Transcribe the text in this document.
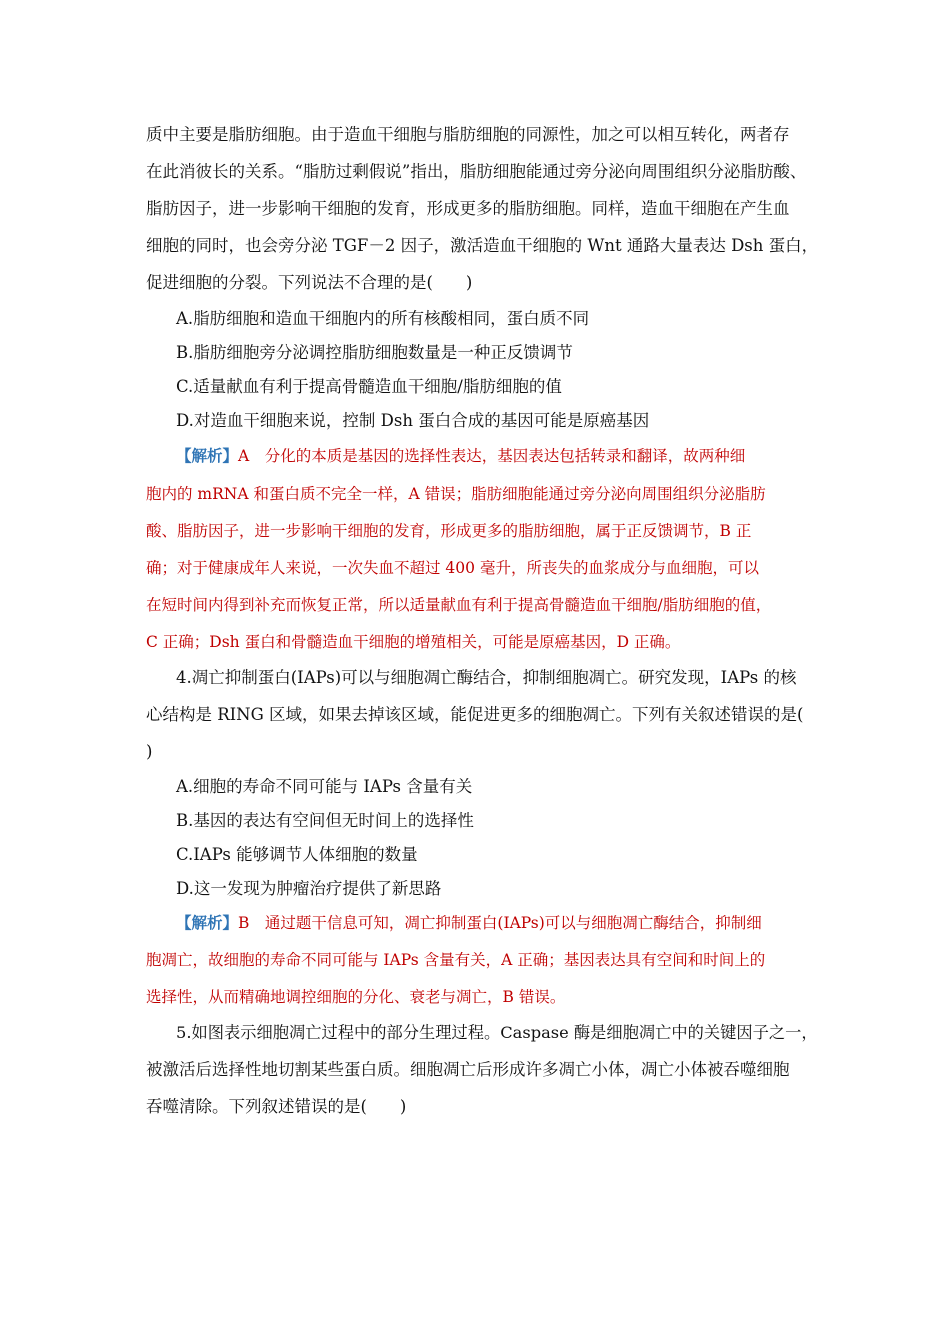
质中主要是脂肪细胞。由于造血干细胞与脂肪细胞的同源性，加之可以相互转化，两者存
在此消彼长的关系。“脂肪过剩假说”指出，脂肪细胞能通过旁分泌向周围组织分泌脂肪酸、
脂肪因子，进一步影响干细胞的发育，形成更多的脂肪细胞。同样，造血干细胞在产生血
细胞的同时，也会旁分泌 TGF－2 因子，激活造血干细胞的 Wnt 通路大量表达 Dsh 蛋白，
促进细胞的分裂。下列说法不合理的是(　　)
A.脂肪细胞和造血干细胞内的所有核酸相同，蛋白质不同
B.脂肪细胞旁分泌调控脂肪细胞数量是一种正反馈调节
C.适量献血有利于提高骨髓造血干细胞/脂肪细胞的值
D.对造血干细胞来说，控制 Dsh 蛋白合成的基因可能是原癌基因
【解析】A　分化的本质是基因的选择性表达，基因表达包括转录和翻译，故两种细
胞内的 mRNA 和蛋白质不完全一样，A 错误；脂肪细胞能通过旁分泌向周围组织分泌脂肪
酸、脂肪因子，进一步影响干细胞的发育，形成更多的脂肪细胞，属于正反馈调节，B 正
确；对于健康成年人来说，一次失血不超过 400 毫升，所丧失的血浆成分与血细胞，可以
在短时间内得到补充而恢复正常，所以适量献血有利于提高骨髓造血干细胞/脂肪细胞的值，
C 正确；Dsh 蛋白和骨髓造血干细胞的增殖相关，可能是原癌基因，D 正确。
4.凋亡抑制蛋白(IAPs)可以与细胞凋亡酶结合，抑制细胞凋亡。研究发现，IAPs 的核
心结构是 RING 区域，如果去掉该区域，能促进更多的细胞凋亡。下列有关叙述错误的是(
)
A.细胞的寿命不同可能与 IAPs 含量有关
B.基因的表达有空间但无时间上的选择性
C.IAPs 能够调节人体细胞的数量
D.这一发现为肿瘤治疗提供了新思路
【解析】B　通过题干信息可知，凋亡抑制蛋白(IAPs)可以与细胞凋亡酶结合，抑制细
胞凋亡，故细胞的寿命不同可能与 IAPs 含量有关，A 正确；基因表达具有空间和时间上的
选择性，从而精确地调控细胞的分化、衰老与凋亡，B 错误。
5.如图表示细胞凋亡过程中的部分生理过程。Caspase 酶是细胞凋亡中的关键因子之一，
被激活后选择性地切割某些蛋白质。细胞凋亡后形成许多凋亡小体，凋亡小体被吞噬细胞
吞噬清除。下列叙述错误的是(　　)
